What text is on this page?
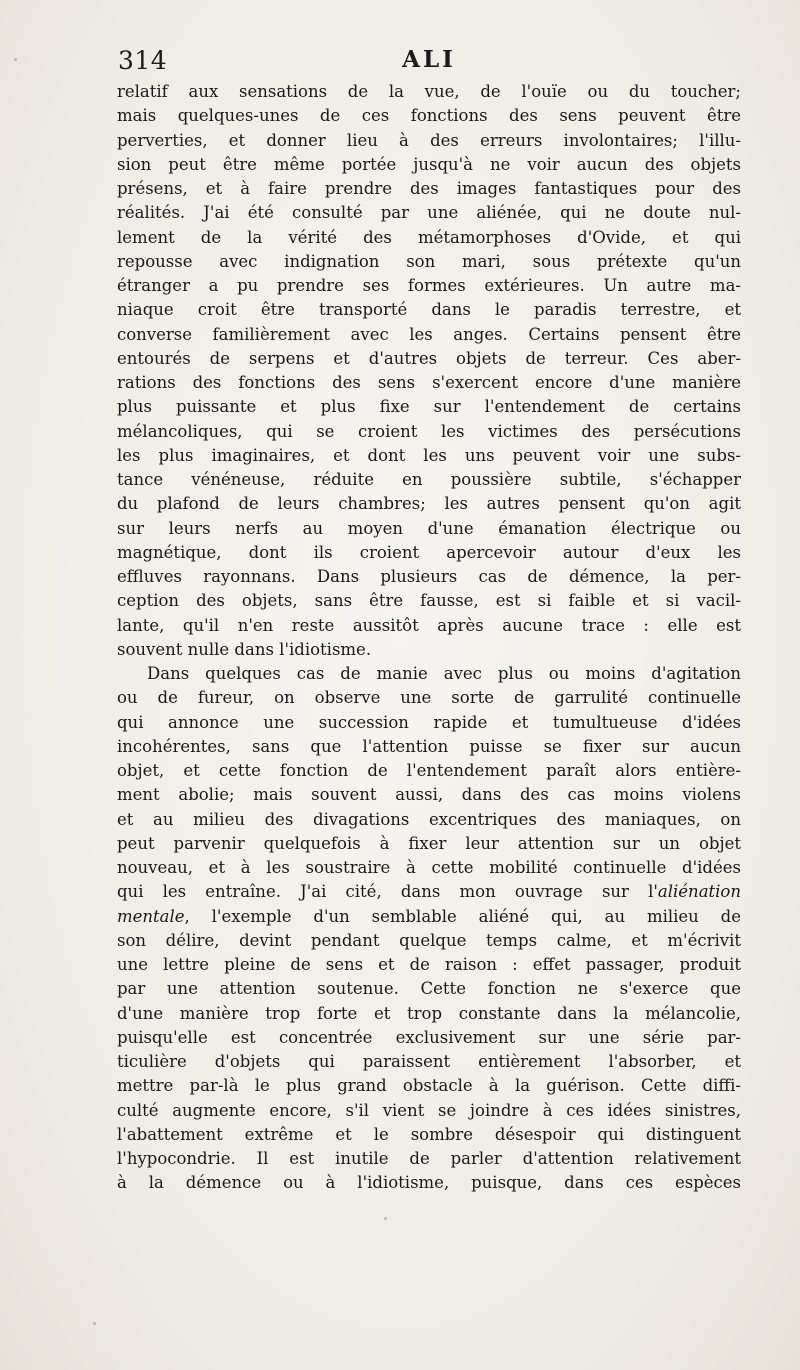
314	ALI
relatif aux sensations de la vue, de l'ouïe ou du toucher;
mais quelques-unes de ces fonctions des sens peuvent être
perverties, et donner lieu à des erreurs involontaires; l'illu-
sion peut être même portée jusqu'à ne voir aucun des objets
présens, et à faire prendre des images fantastiques pour des
réalités. J'ai été consulté par une aliénée, qui ne doute nul-
lement de la vérité des métamorphoses d'Ovide, et qui
repousse avec indignation son mari, sous prétexte qu'un
étranger a pu prendre ses formes extérieures. Un autre ma-
niaque croit être transporté dans le paradis terrestre, et
converse familièrement avec les anges. Certains pensent être
entourés de serpens et d'autres objets de terreur. Ces aber-
rations des fonctions des sens s'exercent encore d'une manière
plus puissante et plus fixe sur l'entendement de certains
mélancoliques, qui se croient les victimes des persécutions
les plus imaginaires, et dont les uns peuvent voir une subs-
tance vénéneuse, réduite en poussière subtile, s'échapper
du plafond de leurs chambres; les autres pensent qu'on agit
sur leurs nerfs au moyen d'une émanation électrique ou
magnétique, dont ils croient apercevoir autour d'eux les
effluves rayonnans. Dans plusieurs cas de démence, la per-
ception des objets, sans être fausse, est si faible et si vacil-
lante, qu'il n'en reste aussitôt après aucune trace : elle est
souvent nulle dans l'idiotisme.
Dans quelques cas de manie avec plus ou moins d'agitation
ou de fureur, on observe une sorte de garrulité continuelle
qui annonce une succession rapide et tumultueuse d'idées
incohérentes, sans que l'attention puisse se fixer sur aucun
objet, et cette fonction de l'entendement paraît alors entière-
ment abolie; mais souvent aussi, dans des cas moins violens
et au milieu des divagations excentriques des maniaques, on
peut parvenir quelquefois à fixer leur attention sur un objet
nouveau, et à les soustraire à cette mobilité continuelle d'idées
qui les entraîne. J'ai cité, dans mon ouvrage sur l'aliénation
mentale, l'exemple d'un semblable aliéné qui, au milieu de
son délire, devint pendant quelque temps calme, et m'écrivit
une lettre pleine de sens et de raison : effet passager, produit
par une attention soutenue. Cette fonction ne s'exerce que
d'une manière trop forte et trop constante dans la mélancolie,
puisqu'elle est concentrée exclusivement sur une série par-
ticulière d'objets qui paraissent entièrement l'absorber, et
mettre par-là le plus grand obstacle à la guérison. Cette diffi-
culté augmente encore, s'il vient se joindre à ces idées sinistres,
l'abattement extrême et le sombre désespoir qui distinguent
l'hypocondrie. Il est inutile de parler d'attention relativement
à la démence ou à l'idiotisme, puisque, dans ces espèces
